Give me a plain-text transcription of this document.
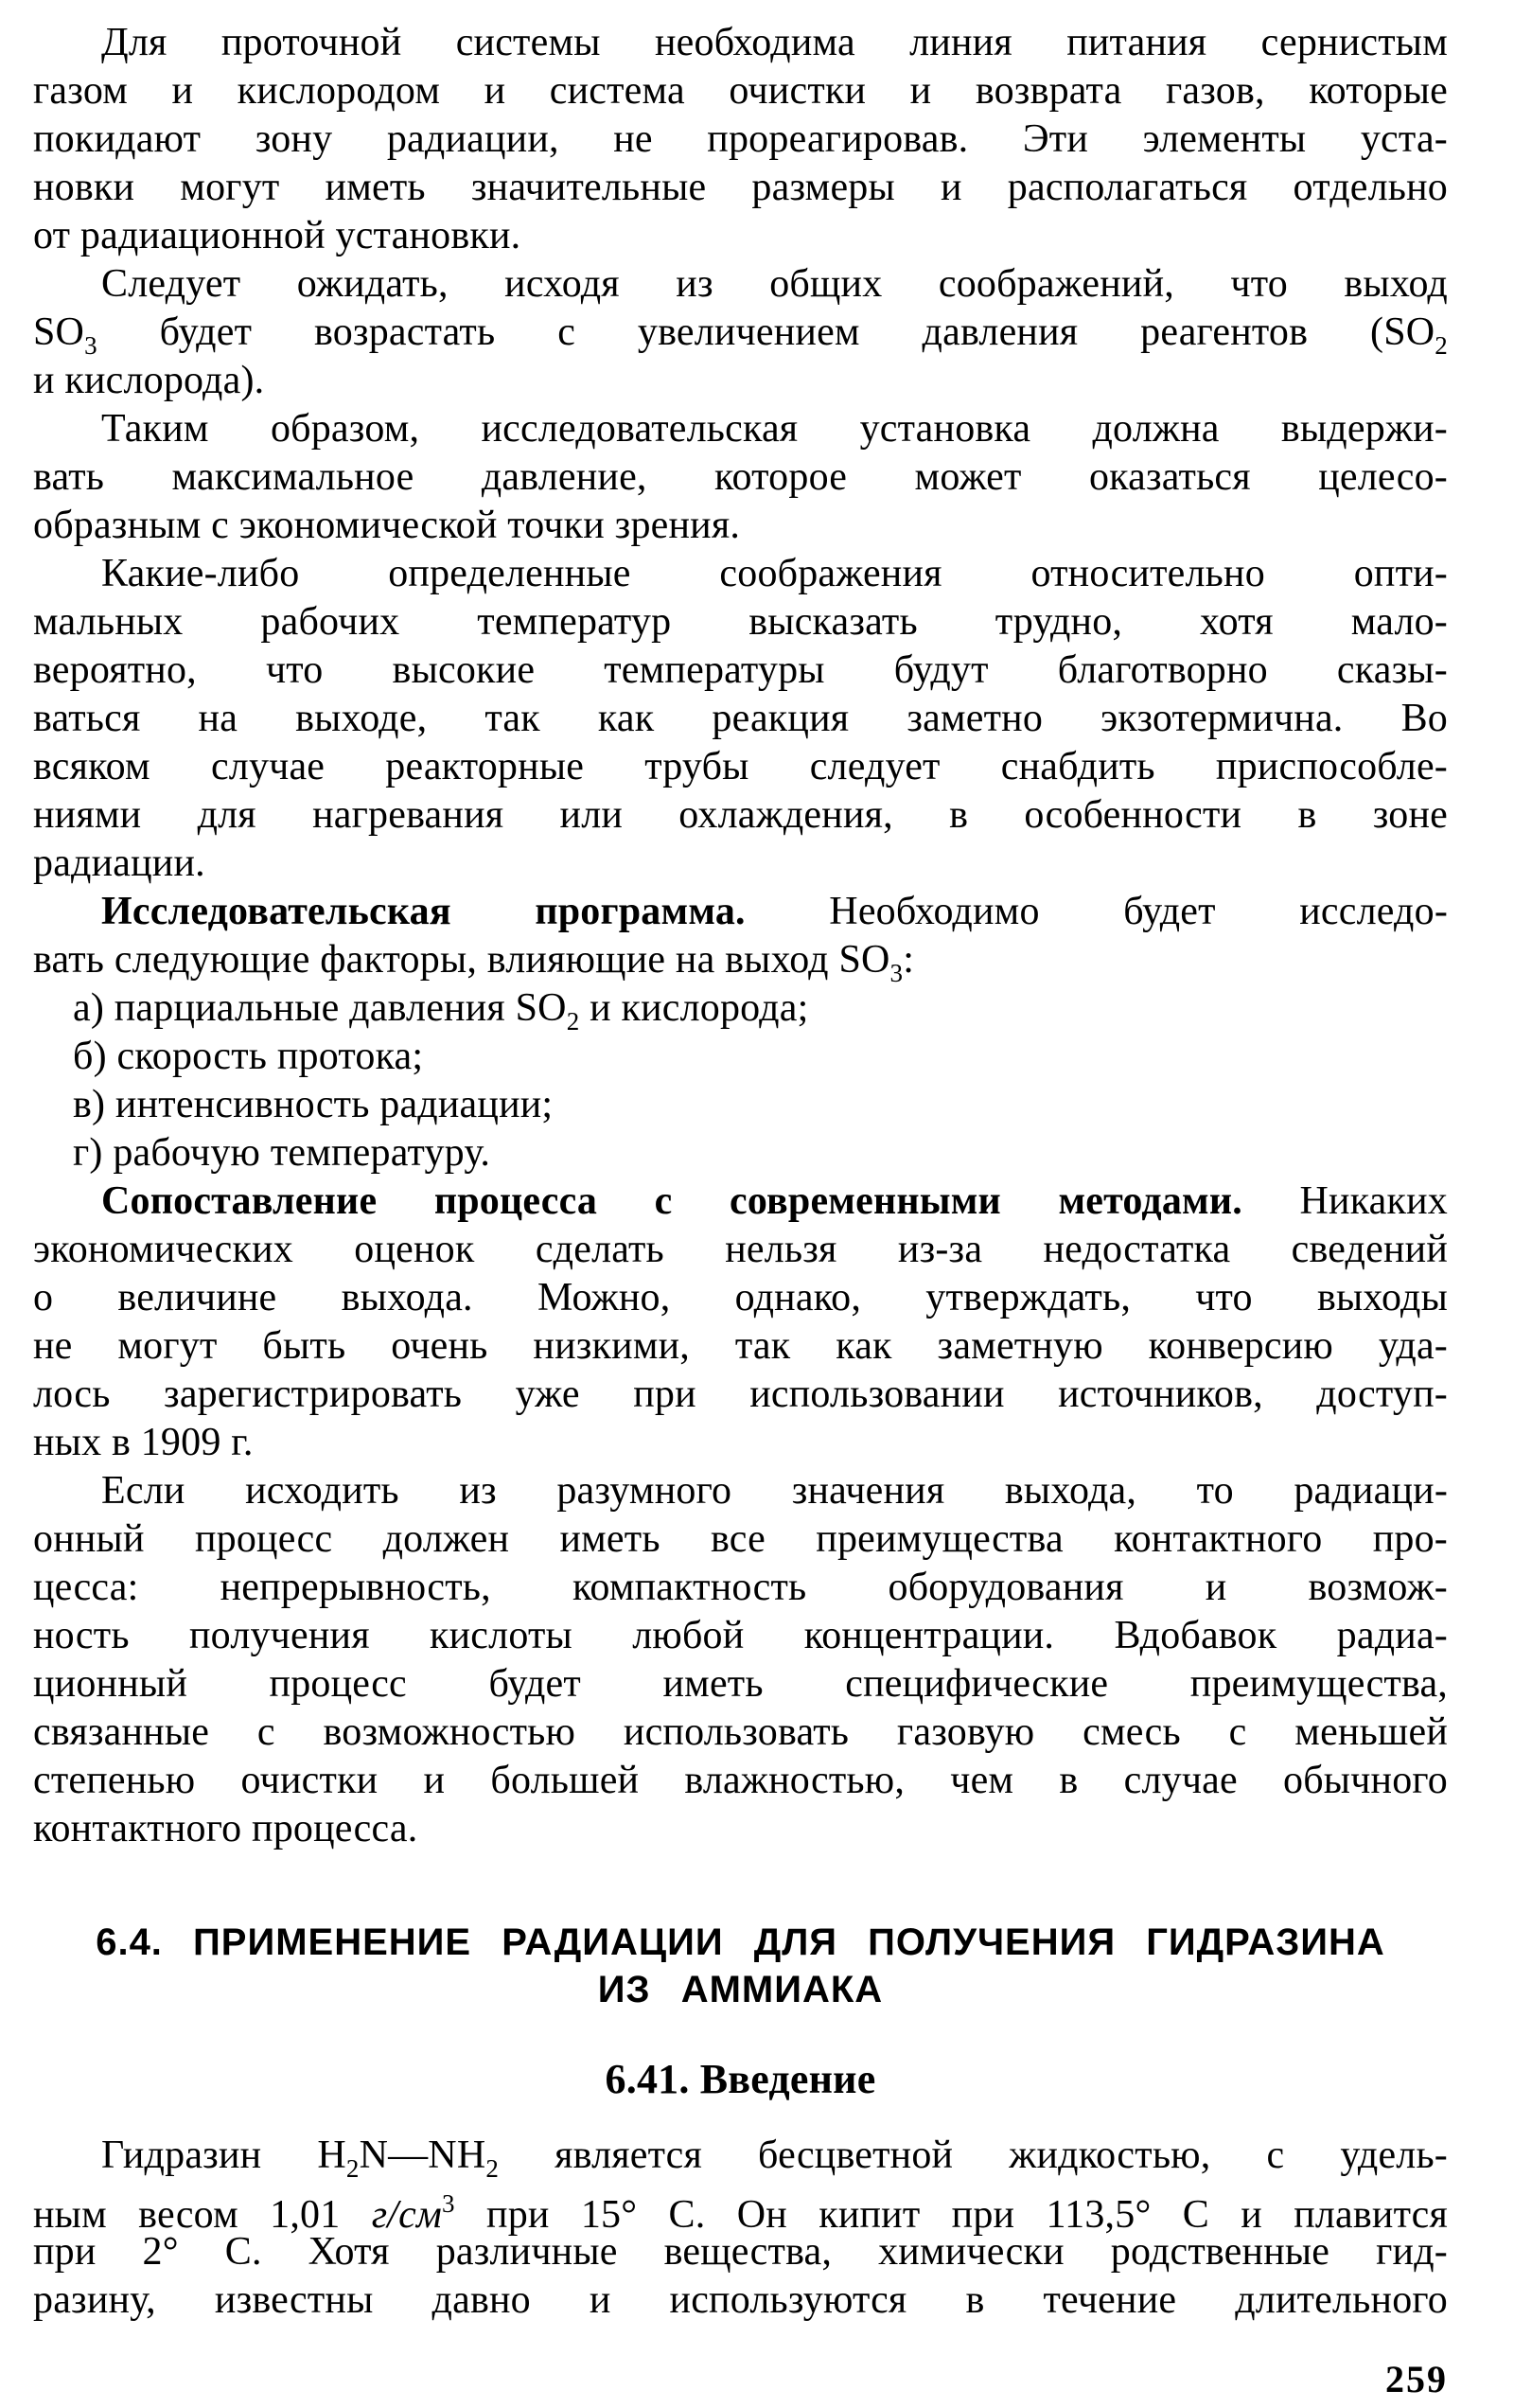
Для проточной системы необходима линия питания сернистым
газом и кислородом и система очистки и возврата газов, которые
покидают зону радиации, не прореагировав. Эти элементы уста-
новки могут иметь значительные размеры и располагаться отдельно
от радиационной установки.
Следует ожидать, исходя из общих соображений, что выход
$SO_3$ будет возрастать с увеличением давления реагентов ($SO_2$
и кислорода).
Таким образом, исследовательская установка должна выдержи-
вать максимальное давление, которое может оказаться целесо-
образным с экономической точки зрения.
Какие-либо определенные соображения относительно опти-
мальных рабочих температур высказать трудно, хотя мало-
вероятно, что высокие температуры будут благотворно сказы-
ваться на выходе, так как реакция заметно экзотермична. Во
всяком случае реакторные трубы следует снабдить приспособле-
ниями для нагревания или охлаждения, в особенности в зоне
радиации.
Исследовательская программа. Необходимо будет исследо-
вать следующие факторы, влияющие на выход $SO_3$:
а) парциальные давления $SO_2$ и кислорода;
б) скорость протока;
в) интенсивность радиации;
г) рабочую температуру.
Сопоставление процесса с современными методами. Никаких
экономических оценок сделать нельзя из-за недостатка сведений
о величине выхода. Можно, однако, утверждать, что выходы
не могут быть очень низкими, так как заметную конверсию уда-
лось зарегистрировать уже при использовании источников, доступ-
ных в 1909 г.
Если исходить из разумного значения выхода, то радиаци-
онный процесс должен иметь все преимущества контактного про-
цесса: непрерывность, компактность оборудования и возмож-
ность получения кислоты любой концентрации. Вдобавок радиа-
ционный процесс будет иметь специфические преимущества,
связанные с возможностью использовать газовую смесь с меньшей
степенью очистки и большей влажностью, чем в случае обычного
контактного процесса.
6.4. ПРИМЕНЕНИЕ РАДИАЦИИ ДЛЯ ПОЛУЧЕНИЯ ГИДРАЗИНА
ИЗ АММИАКА
6.41. Введение
Гидразин $H_2N—NH_2$ является бесцветной жидкостью, с удель-
ным весом 1,01 $г/см^3$ при 15° С. Он кипит при 113,5° С и плавится
при 2° С. Хотя различные вещества, химически родственные гид-
разину, известны давно и используются в течение длительного
259
